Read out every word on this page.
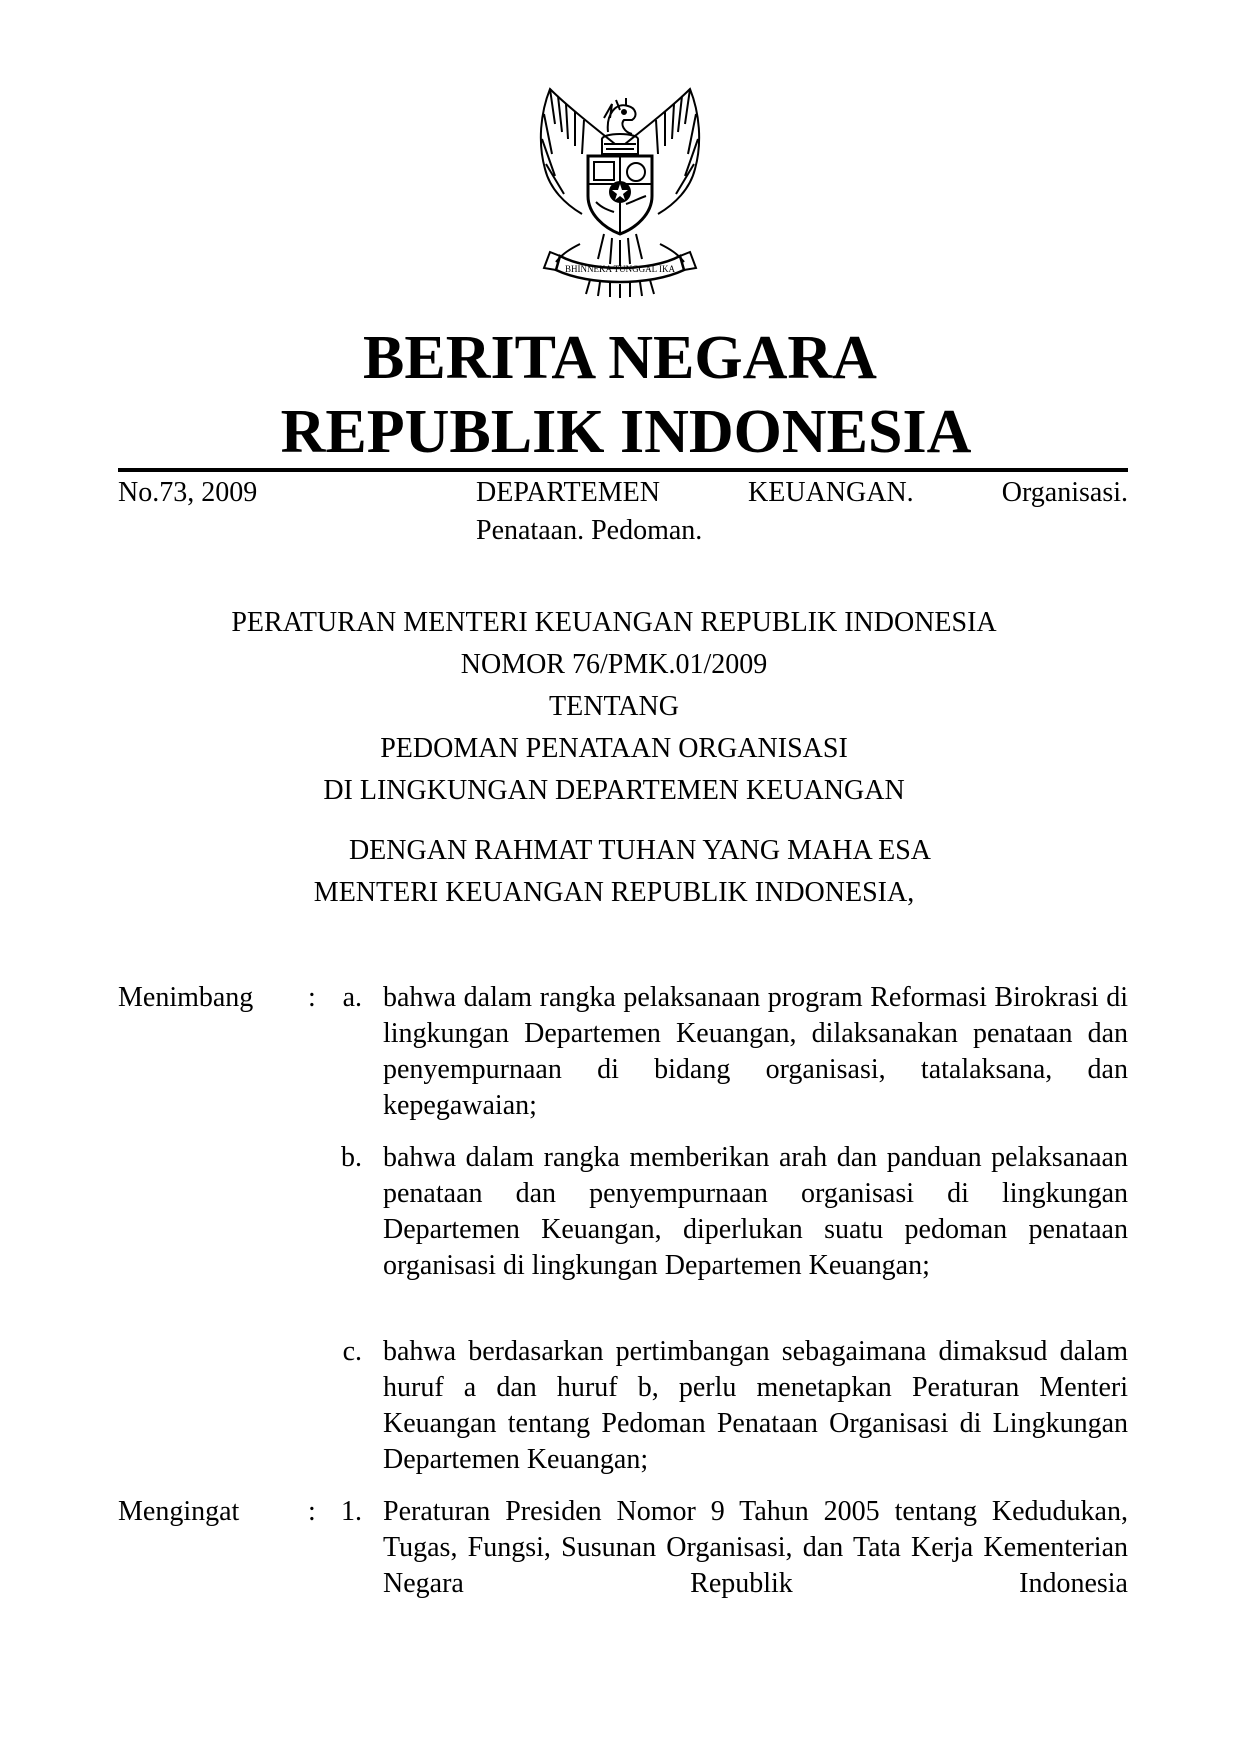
BHINNEKA TUNGGAL IKA
BERITA NEGARA
REPUBLIK INDONESIA
No.73, 2009	DEPARTEMEN KEUANGAN. Organisasi.
Penataan. Pedoman.
PERATURAN MENTERI KEUANGAN REPUBLIK INDONESIA
NOMOR 76/PMK.01/2009
TENTANG
PEDOMAN PENATAAN ORGANISASI
DI LINGKUNGAN DEPARTEMEN KEUANGAN
DENGAN RAHMAT TUHAN YANG MAHA ESA
MENTERI KEUANGAN REPUBLIK INDONESIA,
Menimbang : a. bahwa dalam rangka pelaksanaan program Reformasi Birokrasi di lingkungan Departemen Keuangan, dilaksanakan penataan dan penyempurnaan di bidang organisasi, tatalaksana, dan kepegawaian;
b. bahwa dalam rangka memberikan arah dan panduan pelaksanaan penataan dan penyempurnaan organisasi di lingkungan Departemen Keuangan, diperlukan suatu pedoman penataan organisasi di lingkungan Departemen Keuangan;
c. bahwa berdasarkan pertimbangan sebagaimana dimaksud dalam huruf a dan huruf b, perlu menetapkan Peraturan Menteri Keuangan tentang Pedoman Penataan Organisasi di Lingkungan Departemen Keuangan;
Mengingat : 1. Peraturan Presiden Nomor 9 Tahun 2005 tentang Kedudukan, Tugas, Fungsi, Susunan Organisasi, dan Tata Kerja Kementerian Negara Republik Indonesia
